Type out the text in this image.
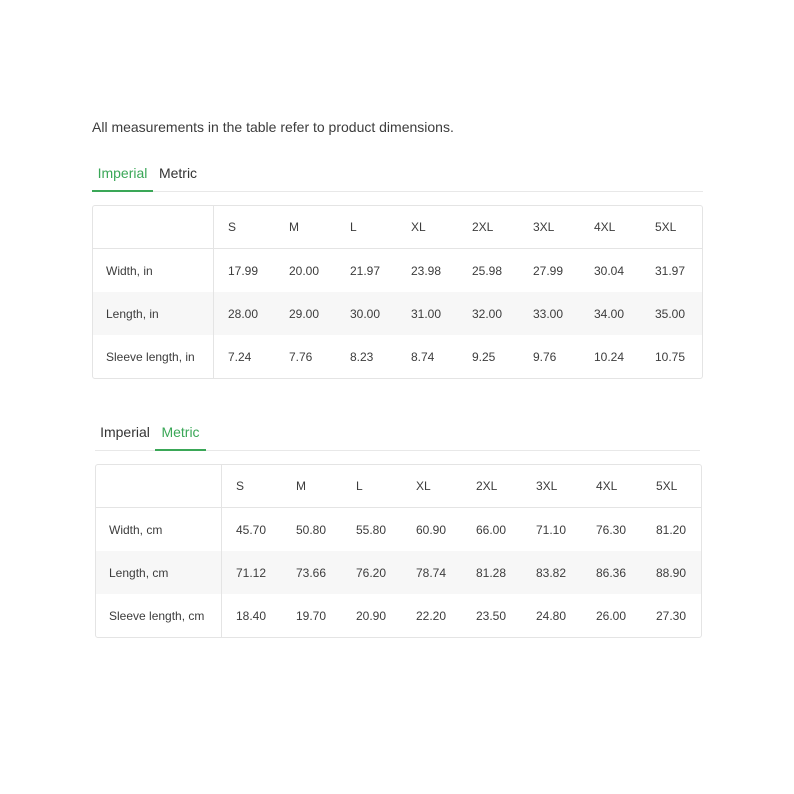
All measurements in the table refer to product dimensions.

Imperial Metric
	S	M	L	XL	2XL	3XL	4XL	5XL
Width, in	17.99	20.00	21.97	23.98	25.98	27.99	30.04	31.97
Length, in	28.00	29.00	30.00	31.00	32.00	33.00	34.00	35.00
Sleeve length, in	7.24	7.76	8.23	8.74	9.25	9.76	10.24	10.75
Imperial Metric
	S	M	L	XL	2XL	3XL	4XL	5XL
Width, cm	45.70	50.80	55.80	60.90	66.00	71.10	76.30	81.20
Length, cm	71.12	73.66	76.20	78.74	81.28	83.82	86.36	88.90
Sleeve length, cm	18.40	19.70	20.90	22.20	23.50	24.80	26.00	27.30
